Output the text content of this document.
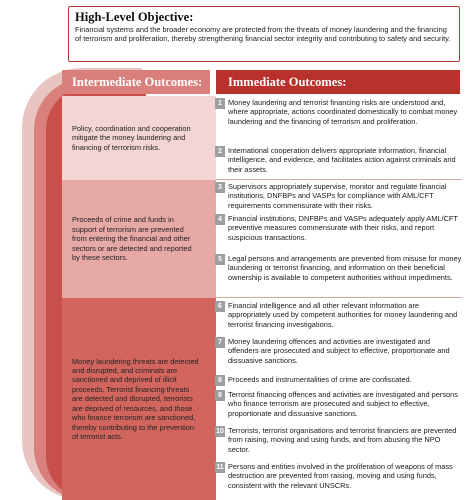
High-Level Objective:
Financial systems and the broader economy are protected from the threats of money laundering and the financing of terrorism and proliferation, thereby strengthening financial sector integrity and contributing to safety and security.
Intermediate Outcomes:	Immediate Outcomes:
Policy, coordination and cooperation mitigate the money laundering and financing of terrorism risks.
Proceeds of crime and funds in support of terrorism are prevented from entering the financial and other sectors or are detected and reported by these sectors.
Money laundering threats are detected and disrupted, and criminals are sanctioned and deprived of illicit proceeds. Terrorist financing threats are detected and disrupted, terrorists are deprived of resources, and those who finance terrorism are sanctioned, thereby contributing to the prevention of terrorist acts.
1 Money laundering and terrorist financing risks are understood and, where appropriate, actions coordinated domestically to combat money laundering and the financing of terrorism and proliferation.
2 International cooperation delivers appropriate information, financial intelligence, and evidence, and facilitates action against criminals and their assets.
3 Supervisors appropriately supervise, monitor and regulate financial institutions, DNFBPs and VASPs for compliance with AML/CFT requirements commensurate with their risks.
4 Financial institutions, DNFBPs and VASPs adequately apply AML/CFT preventive measures commensurate with their risks, and report suspicious transactions.
5 Legal persons and arrangements are prevented from misuse for money laundering or terrorist financing, and information on their beneficial ownership is available to competent authorities without impediments.
6 Financial intelligence and all other relevant information are appropriately used by competent authorities for money laundering and terrorist financing investigations.
7 Money laundering offences and activities are investigated and offenders are prosecuted and subject to effective, proportionate and dissuasive sanctions.
8 Proceeds and instrumentalities of crime are confiscated.
9 Terrorist financing offences and activities are investigated and persons who finance terrorism are prosecuted and subject to effective, proportionate and dissuasive sanctions.
10 Terrorists, terrorist organisations and terrorist financiers are prevented from raising, moving and using funds, and from abusing the NPO sector.
11 Persons and entities involved in the proliferation of weapons of mass destruction are prevented from raising, moving and using funds, consistent with the relevant UNSCRs.
